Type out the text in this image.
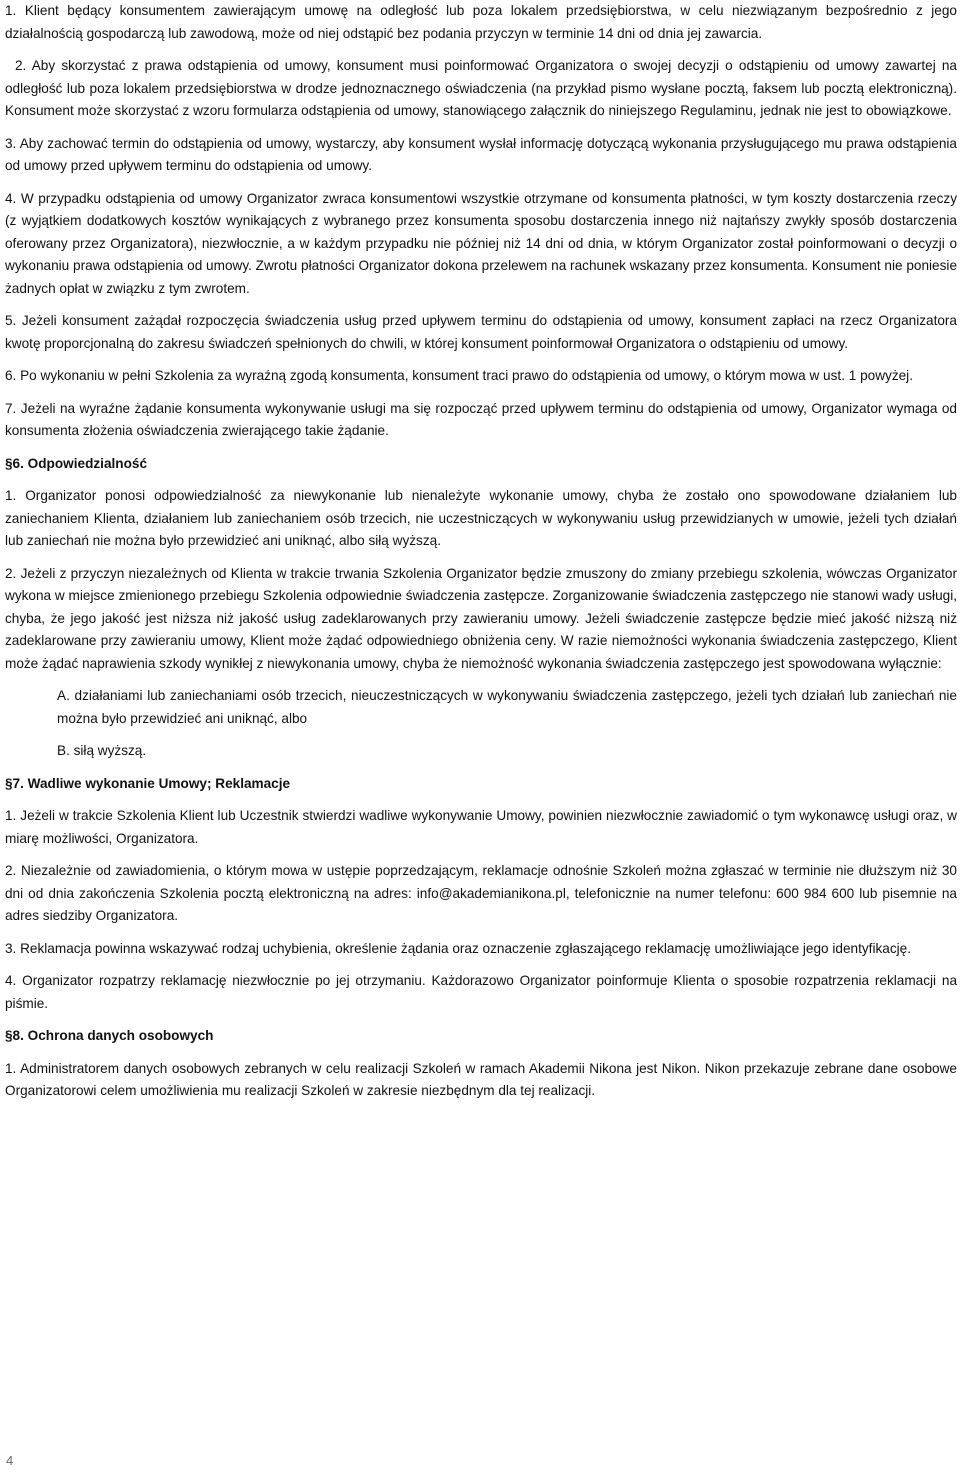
1. Klient będący konsumentem zawierającym umowę na odległość lub poza lokalem przedsiębiorstwa, w celu niezwiązanym bezpośrednio z jego działalnością gospodarczą lub zawodową, może od niej odstąpić bez podania przyczyn w terminie 14 dni od dnia jej zawarcia.

2. Aby skorzystać z prawa odstąpienia od umowy, konsument musi poinformować Organizatora o swojej decyzji o odstąpieniu od umowy zawartej na odległość lub poza lokalem przedsiębiorstwa w drodze jednoznacznego oświadczenia (na przykład pismo wysłane pocztą, faksem lub pocztą elektroniczną). Konsument może skorzystać z wzoru formularza odstąpienia od umowy, stanowiącego załącznik do niniejszego Regulaminu, jednak nie jest to obowiązkowe.

3. Aby zachować termin do odstąpienia od umowy, wystarczy, aby konsument wysłał informację dotyczącą wykonania przysługującego mu prawa odstąpienia od umowy przed upływem terminu do odstąpienia od umowy.

4. W przypadku odstąpienia od umowy Organizator zwraca konsumentowi wszystkie otrzymane od konsumenta płatności, w tym koszty dostarczenia rzeczy (z wyjątkiem dodatkowych kosztów wynikających z wybranego przez konsumenta sposobu dostarczenia innego niż najtańszy zwykły sposób dostarczenia oferowany przez Organizatora), niezwłocznie, a w każdym przypadku nie później niż 14 dni od dnia, w którym Organizator został poinformowani o decyzji o wykonaniu prawa odstąpienia od umowy. Zwrotu płatności Organizator dokona przelewem na rachunek wskazany przez konsumenta. Konsument nie poniesie żadnych opłat w związku z tym zwrotem.

5. Jeżeli konsument zażądał rozpoczęcia świadczenia usług przed upływem terminu do odstąpienia od umowy, konsument zapłaci na rzecz Organizatora kwotę proporcjonalną do zakresu świadczeń spełnionych do chwili, w której konsument poinformował Organizatora o odstąpieniu od umowy.

6. Po wykonaniu w pełni Szkolenia za wyraźną zgodą konsumenta, konsument traci prawo do odstąpienia od umowy, o którym mowa w ust. 1 powyżej.

7. Jeżeli na wyraźne żądanie konsumenta wykonywanie usługi ma się rozpocząć przed upływem terminu do odstąpienia od umowy, Organizator wymaga od konsumenta złożenia oświadczenia zwierającego takie żądanie.

§6. Odpowiedzialność

1. Organizator ponosi odpowiedzialność za niewykonanie lub nienależyte wykonanie umowy, chyba że zostało ono spowodowane działaniem lub zaniechaniem Klienta, działaniem lub zaniechaniem osób trzecich, nie uczestniczących w wykonywaniu usług przewidzianych w umowie, jeżeli tych działań lub zaniechań nie można było przewidzieć ani uniknąć, albo siłą wyższą.

2. Jeżeli z przyczyn niezależnych od Klienta w trakcie trwania Szkolenia Organizator będzie zmuszony do zmiany przebiegu szkolenia, wówczas Organizator wykona w miejsce zmienionego przebiegu Szkolenia odpowiednie świadczenia zastępcze. Zorganizowanie świadczenia zastępczego nie stanowi wady usługi, chyba, że jego jakość jest niższa niż jakość usług zadeklarowanych przy zawieraniu umowy. Jeżeli świadczenie zastępcze będzie mieć jakość niższą niż zadeklarowane przy zawieraniu umowy, Klient może żądać odpowiedniego obniżenia ceny. W razie niemożności wykonania świadczenia zastępczego, Klient może żądać naprawienia szkody wynikłej z niewykonania umowy, chyba że niemożność wykonania świadczenia zastępczego jest spowodowana wyłącznie:

A. działaniami lub zaniechaniami osób trzecich, nieuczestniczących w wykonywaniu świadczenia zastępczego, jeżeli tych działań lub zaniechań nie można było przewidzieć ani uniknąć, albo

B. siłą wyższą.

§7. Wadliwe wykonanie Umowy; Reklamacje

1. Jeżeli w trakcie Szkolenia Klient lub Uczestnik stwierdzi wadliwe wykonywanie Umowy, powinien niezwłocznie zawiadomić o tym wykonawcę usługi oraz, w miarę możliwości, Organizatora.

2. Niezależnie od zawiadomienia, o którym mowa w ustępie poprzedzającym, reklamacje odnośnie Szkoleń można zgłaszać w terminie nie dłuższym niż 30 dni od dnia zakończenia Szkolenia pocztą elektroniczną na adres: info@akademianikona.pl, telefonicznie na numer telefonu: 600 984 600 lub pisemnie na adres siedziby Organizatora.

3. Reklamacja powinna wskazywać rodzaj uchybienia, określenie żądania oraz oznaczenie zgłaszającego reklamację umożliwiające jego identyfikację.

4. Organizator rozpatrzy reklamację niezwłocznie po jej otrzymaniu. Każdorazowo Organizator poinformuje Klienta o sposobie rozpatrzenia reklamacji na piśmie.

§8. Ochrona danych osobowych

1. Administratorem danych osobowych zebranych w celu realizacji Szkoleń w ramach Akademii Nikona jest Nikon. Nikon przekazuje zebrane dane osobowe Organizatorowi celem umożliwienia mu realizacji Szkoleń w zakresie niezbędnym dla tej realizacji.

4
